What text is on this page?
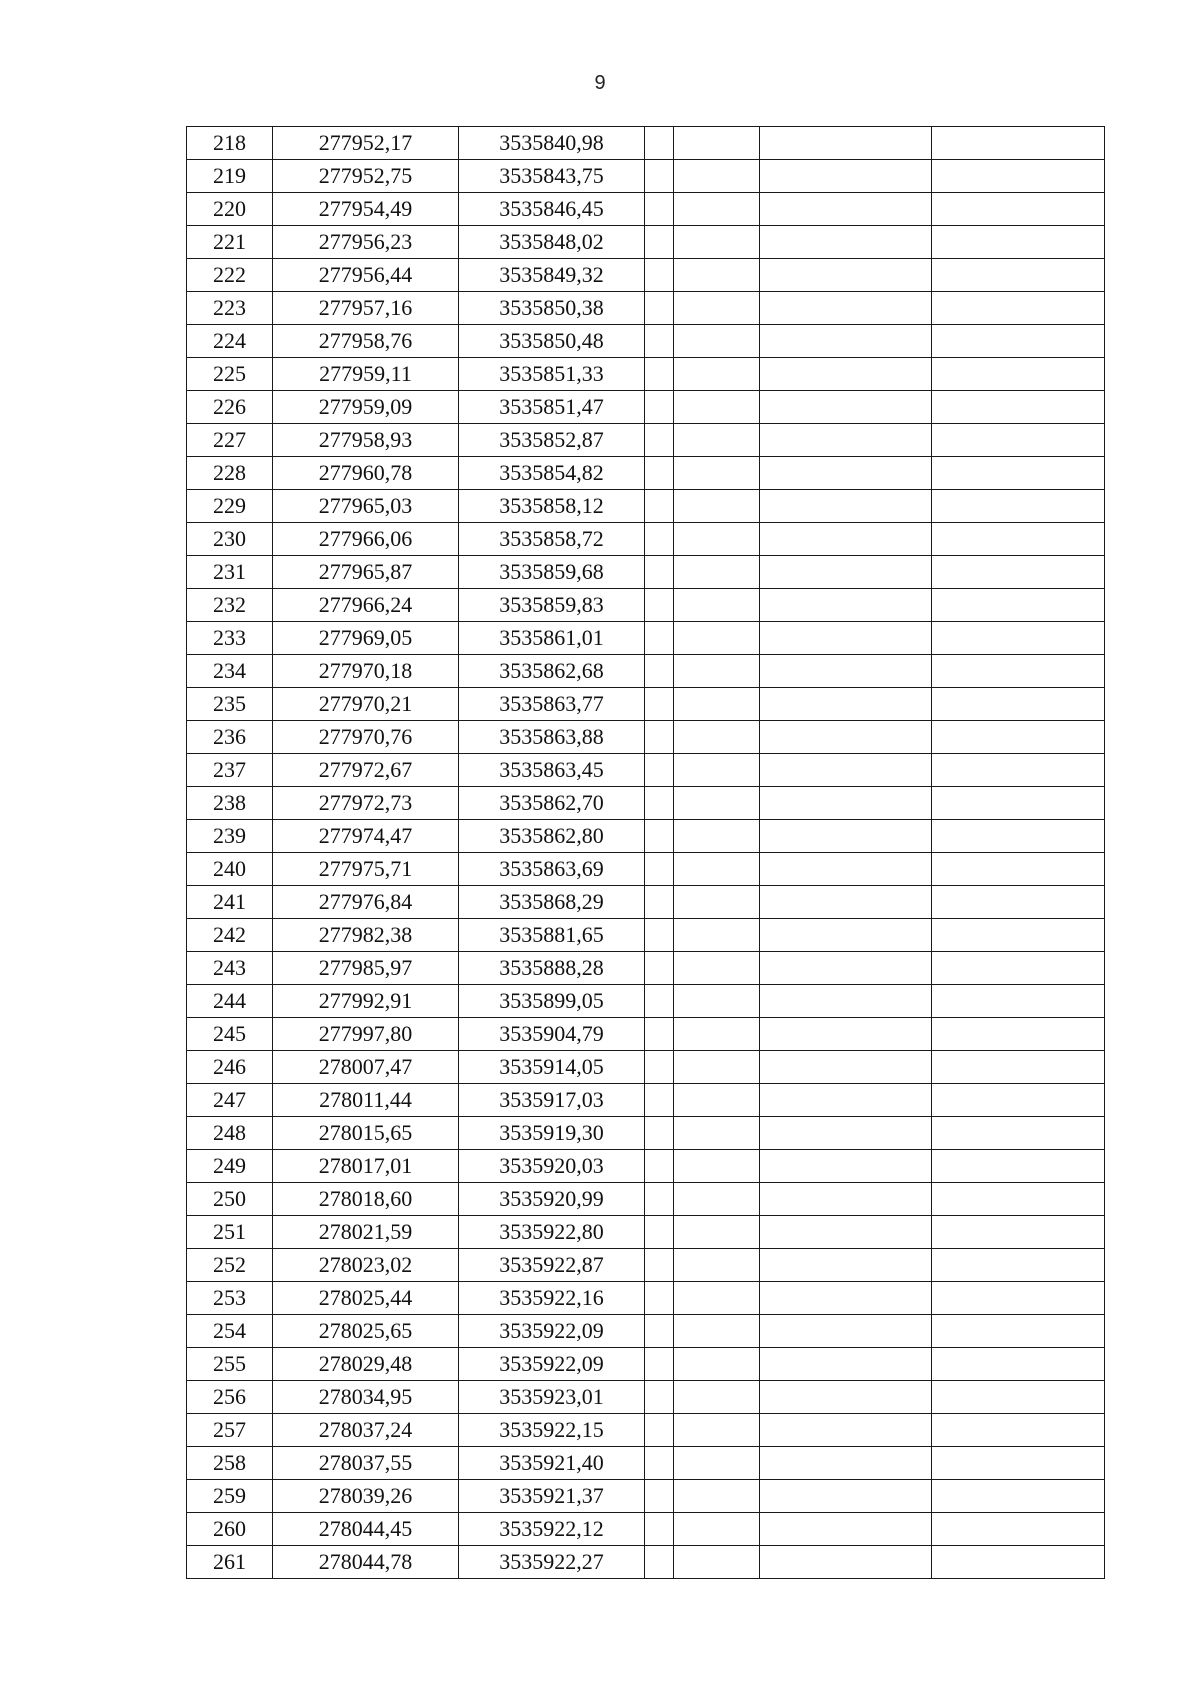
9
218	277952,17	3535840,98				
219	277952,75	3535843,75				
220	277954,49	3535846,45				
221	277956,23	3535848,02				
222	277956,44	3535849,32				
223	277957,16	3535850,38				
224	277958,76	3535850,48				
225	277959,11	3535851,33				
226	277959,09	3535851,47				
227	277958,93	3535852,87				
228	277960,78	3535854,82				
229	277965,03	3535858,12				
230	277966,06	3535858,72				
231	277965,87	3535859,68				
232	277966,24	3535859,83				
233	277969,05	3535861,01				
234	277970,18	3535862,68				
235	277970,21	3535863,77				
236	277970,76	3535863,88				
237	277972,67	3535863,45				
238	277972,73	3535862,70				
239	277974,47	3535862,80				
240	277975,71	3535863,69				
241	277976,84	3535868,29				
242	277982,38	3535881,65				
243	277985,97	3535888,28				
244	277992,91	3535899,05				
245	277997,80	3535904,79				
246	278007,47	3535914,05				
247	278011,44	3535917,03				
248	278015,65	3535919,30				
249	278017,01	3535920,03				
250	278018,60	3535920,99				
251	278021,59	3535922,80				
252	278023,02	3535922,87				
253	278025,44	3535922,16				
254	278025,65	3535922,09				
255	278029,48	3535922,09				
256	278034,95	3535923,01				
257	278037,24	3535922,15				
258	278037,55	3535921,40				
259	278039,26	3535921,37				
260	278044,45	3535922,12				
261	278044,78	3535922,27				
